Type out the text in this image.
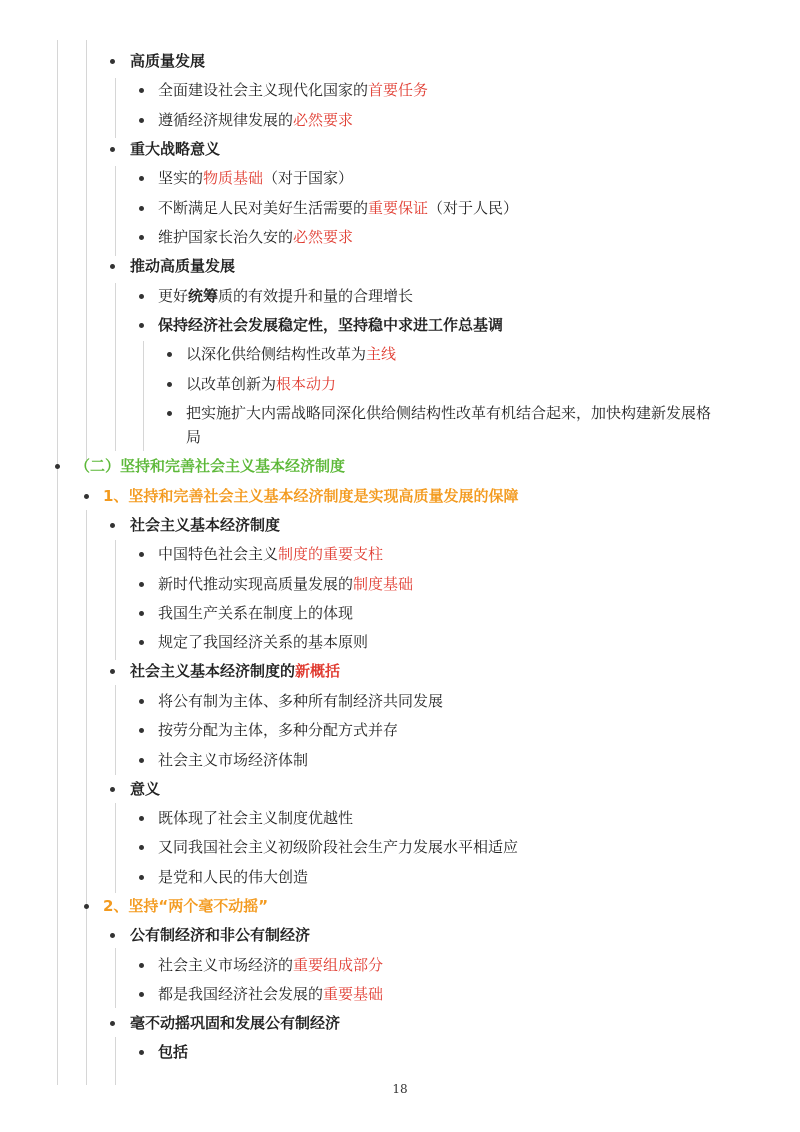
高质量发展
全面建设社会主义现代化国家的首要任务
遵循经济规律发展的必然要求
重大战略意义
坚实的物质基础（对于国家）
不断满足人民对美好生活需要的重要保证（对于人民）
维护国家长治久安的必然要求
推动高质量发展
更好统筹质的有效提升和量的合理增长
保持经济社会发展稳定性，坚持稳中求进工作总基调
以深化供给侧结构性改革为主线
以改革创新为根本动力
把实施扩大内需战略同深化供给侧结构性改革有机结合起来，加快构建新发展格
局
（二）坚持和完善社会主义基本经济制度
1、坚持和完善社会主义基本经济制度是实现高质量发展的保障
社会主义基本经济制度
中国特色社会主义制度的重要支柱
新时代推动实现高质量发展的制度基础
我国生产关系在制度上的体现
规定了我国经济关系的基本原则
社会主义基本经济制度的新概括
将公有制为主体、多种所有制经济共同发展
按劳分配为主体，多种分配方式并存
社会主义市场经济体制
意义
既体现了社会主义制度优越性
又同我国社会主义初级阶段社会生产力发展水平相适应
是党和人民的伟大创造
2、坚持“两个毫不动摇”
公有制经济和非公有制经济
社会主义市场经济的重要组成部分
都是我国经济社会发展的重要基础
毫不动摇巩固和发展公有制经济
包括
18
